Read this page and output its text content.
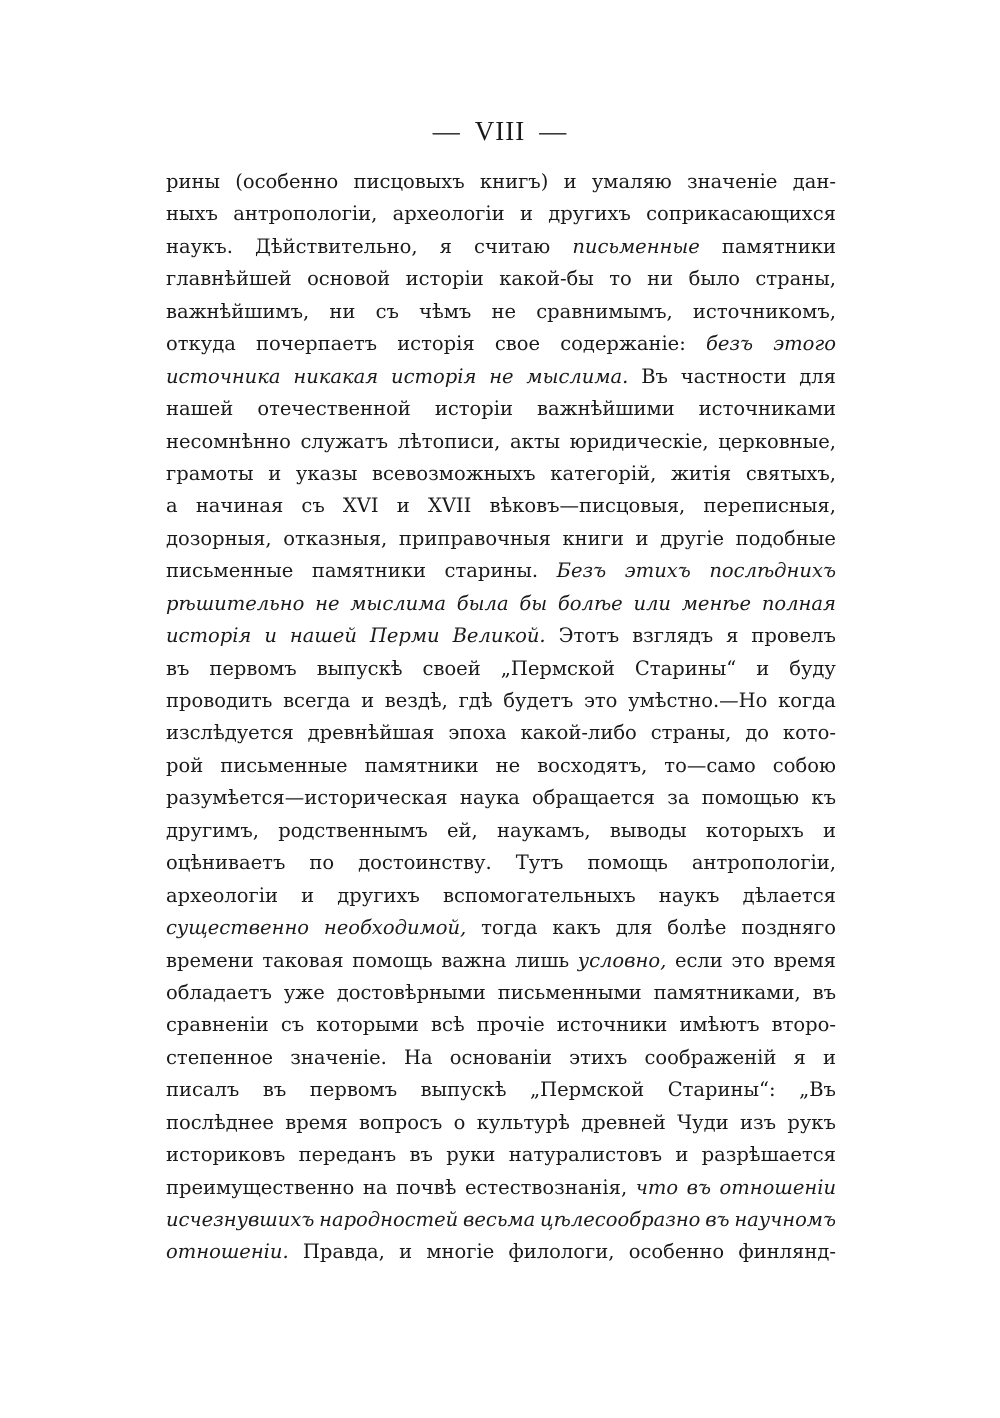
— VIII —
рины (особенно писцовыхъ книгъ) и умаляю значеніе дан-
ныхъ антропологіи, археологіи и другихъ соприкасающихся
наукъ. Дѣйствительно, я считаю письменные памятники
главнѣйшей основой исторіи какой-бы то ни было страны,
важнѣйшимъ, ни съ чѣмъ не сравнимымъ, источникомъ,
откуда почерпаетъ исторія свое содержаніе: безъ этого
источника никакая исторія не мыслима. Въ частности для
нашей отечественной исторіи важнѣйшими источниками
несомнѣнно служатъ лѣтописи, акты юридическіе, церковные,
грамоты и указы всевозможныхъ категорій, житія святыхъ,
а начиная съ XVI и XVII вѣковъ—писцовыя, переписныя,
дозорныя, отказныя, приправочныя книги и другіе подобные
письменные памятники старины. Безъ этихъ послѣднихъ
рѣшительно не мыслима была бы болѣе или менѣе полная
исторія и нашей Перми Великой. Этотъ взглядъ я провелъ
въ первомъ выпускѣ своей „Пермской Старины“ и буду
проводить всегда и вездѣ, гдѣ будетъ это умѣстно.—Но когда
изслѣдуется древнѣйшая эпоха какой-либо страны, до кото-
рой письменные памятники не восходятъ, то—само собою
разумѣется—историческая наука обращается за помощью къ
другимъ, родственнымъ ей, наукамъ, выводы которыхъ и
оцѣниваетъ по достоинству. Тутъ помощь антропологіи,
археологіи и другихъ вспомогательныхъ наукъ дѣлается
существенно необходимой, тогда какъ для болѣе поздняго
времени таковая помощь важна лишь условно, если это время
обладаетъ уже достовѣрными письменными памятниками, въ
сравненіи съ которыми всѣ прочіе источники имѣютъ второ-
степенное значеніе. На основаніи этихъ соображеній я и
писалъ въ первомъ выпускѣ „Пермской Старины“: „Въ
послѣднее время вопросъ о культурѣ древней Чуди изъ рукъ
историковъ переданъ въ руки натуралистовъ и разрѣшается
преимущественно на почвѣ естествознанія, что въ отношеніи
исчезнувшихъ народностей весьма цѣлесообразно въ научномъ
отношеніи. Правда, и многіе филологи, особенно финлянд-
